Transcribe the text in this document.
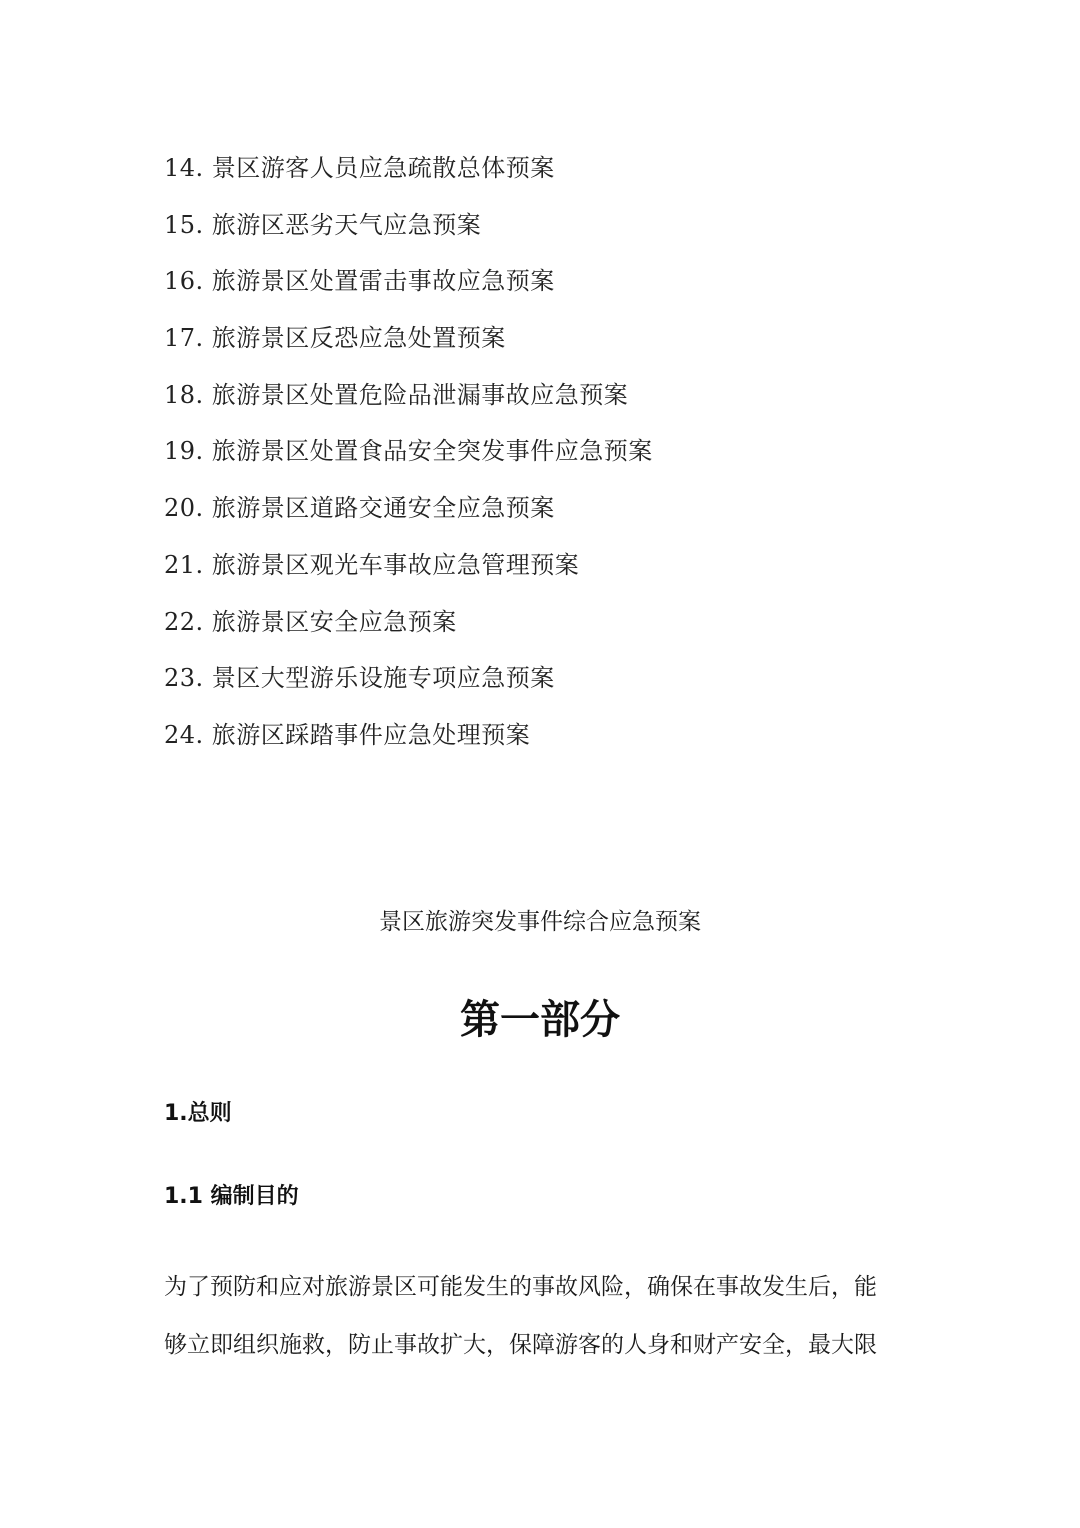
14. 景区游客人员应急疏散总体预案
15. 旅游区恶劣天气应急预案
16. 旅游景区处置雷击事故应急预案
17. 旅游景区反恐应急处置预案
18. 旅游景区处置危险品泄漏事故应急预案
19. 旅游景区处置食品安全突发事件应急预案
20. 旅游景区道路交通安全应急预案
21. 旅游景区观光车事故应急管理预案
22. 旅游景区安全应急预案
23. 景区大型游乐设施专项应急预案
24. 旅游区踩踏事件应急处理预案
景区旅游突发事件综合应急预案
第一部分
1.总则
1.1 编制目的

为了预防和应对旅游景区可能发生的事故风险，确保在事故发生后，能
够立即组织施救，防止事故扩大，保障游客的人身和财产安全，最大限
